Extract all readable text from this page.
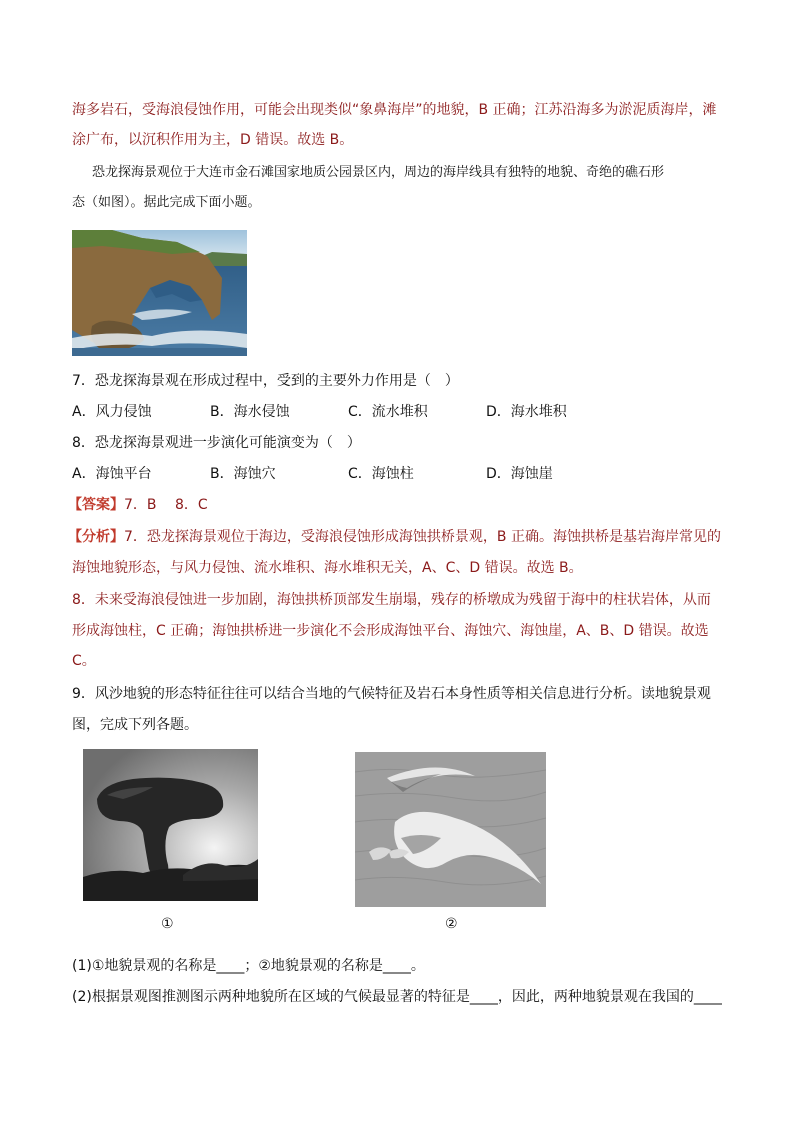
海多岩石，受海浪侵蚀作用，可能会出现类似“象鼻海岸”的地貌，B 正确；江苏沿海多为淤泥质海岸，滩
涂广布，以沉积作用为主，D 错误。故选 B。
恐龙探海景观位于大连市金石滩国家地质公园景区内，周边的海岸线具有独特的地貌、奇绝的礁石形
态（如图）。据此完成下面小题。
7．恐龙探海景观在形成过程中，受到的主要外力作用是（　）
A．风力侵蚀	B．海水侵蚀	C．流水堆积	D．海水堆积
8．恐龙探海景观进一步演化可能演变为（　）
A．海蚀平台	B．海蚀穴	C．海蚀柱	D．海蚀崖
【答案】7．B　 8．C
【分析】7．恐龙探海景观位于海边，受海浪侵蚀形成海蚀拱桥景观，B 正确。海蚀拱桥是基岩海岸常见的
海蚀地貌形态，与风力侵蚀、流水堆积、海水堆积无关，A、C、D 错误。故选 B。
8．未来受海浪侵蚀进一步加剧，海蚀拱桥顶部发生崩塌，残存的桥墩成为残留于海中的柱状岩体，从而
形成海蚀柱，C 正确；海蚀拱桥进一步演化不会形成海蚀平台、海蚀穴、海蚀崖，A、B、D 错误。故选
C。
9．风沙地貌的形态特征往往可以结合当地的气候特征及岩石本身性质等相关信息进行分析。读地貌景观
图，完成下列各题。
①	②
(1)①地貌景观的名称是____；②地貌景观的名称是____。
(2)根据景观图推测图示两种地貌所在区域的气候最显著的特征是____，因此，两种地貌景观在我国的____
